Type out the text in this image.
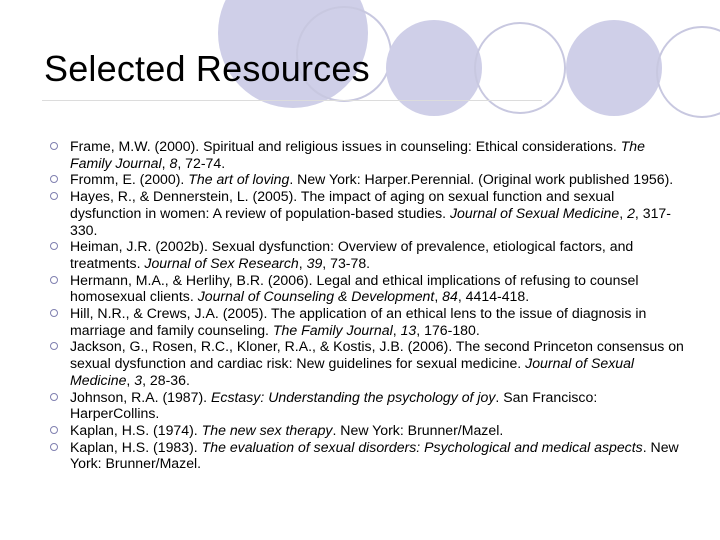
Selected Resources
Frame, M.W. (2000). Spiritual and religious issues in counseling: Ethical considerations. The Family Journal, 8, 72-74.
Fromm, E. (2000). The art of loving. New York: Harper.Perennial. (Original work published 1956).
Hayes, R., & Dennerstein, L. (2005). The impact of aging on sexual function and sexual dysfunction in women: A review of population-based studies. Journal of Sexual Medicine, 2, 317-330.
Heiman, J.R. (2002b). Sexual dysfunction: Overview of prevalence, etiological factors, and treatments. Journal of Sex Research, 39, 73-78.
Hermann, M.A., & Herlihy, B.R. (2006). Legal and ethical implications of refusing to counsel homosexual clients. Journal of Counseling & Development, 84, 4414-418.
Hill, N.R., & Crews, J.A. (2005). The application of an ethical lens to the issue of diagnosis in marriage and family counseling. The Family Journal, 13, 176-180.
Jackson, G., Rosen, R.C., Kloner, R.A., & Kostis, J.B. (2006). The second Princeton consensus on sexual dysfunction and cardiac risk: New guidelines for sexual medicine. Journal of Sexual Medicine, 3, 28-36.
Johnson, R.A. (1987). Ecstasy: Understanding the psychology of joy. San Francisco: HarperCollins.
Kaplan, H.S. (1974). The new sex therapy. New York: Brunner/Mazel.
Kaplan, H.S. (1983). The evaluation of sexual disorders: Psychological and medical aspects. New York: Brunner/Mazel.
